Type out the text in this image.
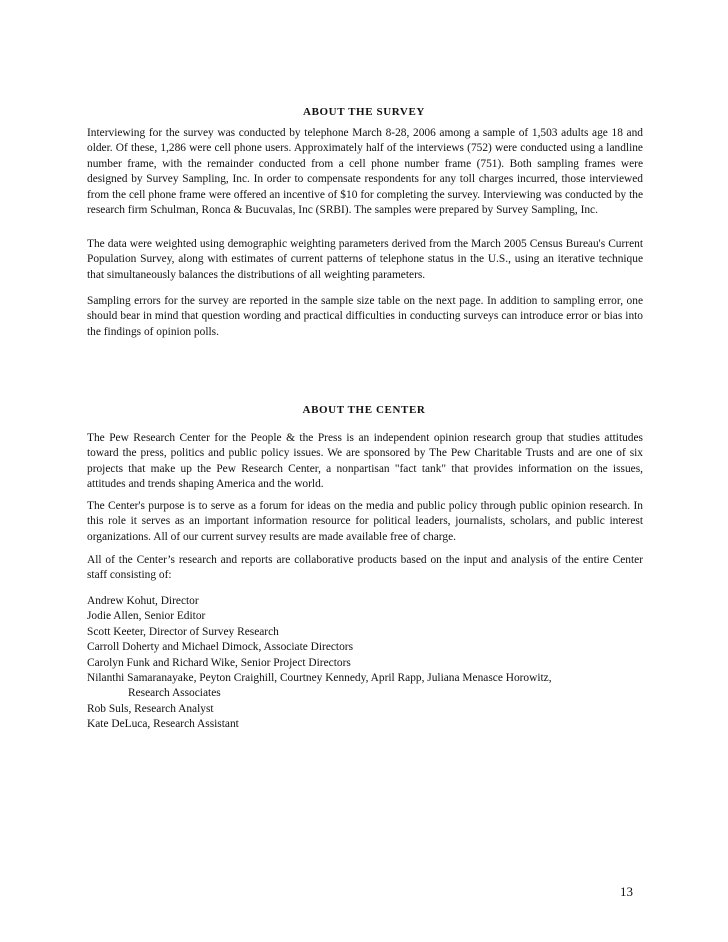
ABOUT THE SURVEY

Interviewing for the survey was conducted by telephone March 8-28, 2006 among a sample of 1,503 adults age 18 and older. Of these, 1,286 were cell phone users. Approximately half of the interviews (752) were conducted using a landline number frame, with the remainder conducted from a cell phone number frame (751). Both sampling frames were designed by Survey Sampling, Inc. In order to compensate respondents for any toll charges incurred, those interviewed from the cell phone frame were offered an incentive of $10 for completing the survey. Interviewing was conducted by the research firm Schulman, Ronca & Bucuvalas, Inc (SRBI). The samples were prepared by Survey Sampling, Inc.

The data were weighted using demographic weighting parameters derived from the March 2005 Census Bureau's Current Population Survey, along with estimates of current patterns of telephone status in the U.S., using an iterative technique that simultaneously balances the distributions of all weighting parameters.

Sampling errors for the survey are reported in the sample size table on the next page. In addition to sampling error, one should bear in mind that question wording and practical difficulties in conducting surveys can introduce error or bias into the findings of opinion polls.

ABOUT THE CENTER

The Pew Research Center for the People & the Press is an independent opinion research group that studies attitudes toward the press, politics and public policy issues. We are sponsored by The Pew Charitable Trusts and are one of six projects that make up the Pew Research Center, a nonpartisan "fact tank" that provides information on the issues, attitudes and trends shaping America and the world.

The Center's purpose is to serve as a forum for ideas on the media and public policy through public opinion research. In this role it serves as an important information resource for political leaders, journalists, scholars, and public interest organizations. All of our current survey results are made available free of charge.

All of the Center’s research and reports are collaborative products based on the input and analysis of the entire Center staff consisting of:

Andrew Kohut, Director
Jodie Allen, Senior Editor
Scott Keeter, Director of Survey Research
Carroll Doherty and Michael Dimock, Associate Directors
Carolyn Funk and Richard Wike, Senior Project Directors
Nilanthi Samaranayake, Peyton Craighill, Courtney Kennedy, April Rapp, Juliana Menasce Horowitz,
Research Associates
Rob Suls, Research Analyst
Kate DeLuca, Research Assistant
13
